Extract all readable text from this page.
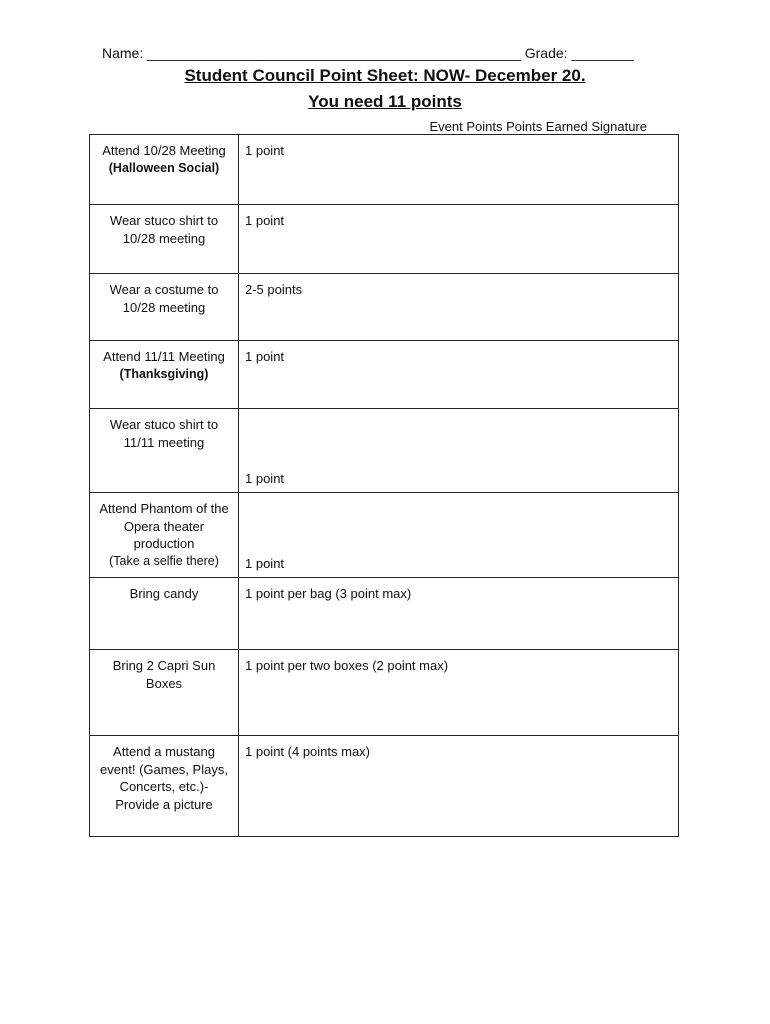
Name: ________________________________________________ Grade: ________
Student Council Point Sheet: NOW- December 20.
You need 11 points
Event Points Points Earned Signature
Attend 10/28 Meeting
(Halloween Social)	1 point
Wear stuco shirt to 10/28 meeting	1 point
Wear a costume to 10/28 meeting	2-5 points
Attend 11/11 Meeting
(Thanksgiving)	1 point
Wear stuco shirt to 11/11 meeting	1 point
Attend Phantom of the Opera theater production
(Take a selfie there)	1 point
Bring candy	1 point per bag (3 point max)
Bring 2 Capri Sun Boxes	1 point per two boxes (2 point max)
Attend a mustang event! (Games, Plays, Concerts, etc.)- Provide a picture	1 point (4 points max)
